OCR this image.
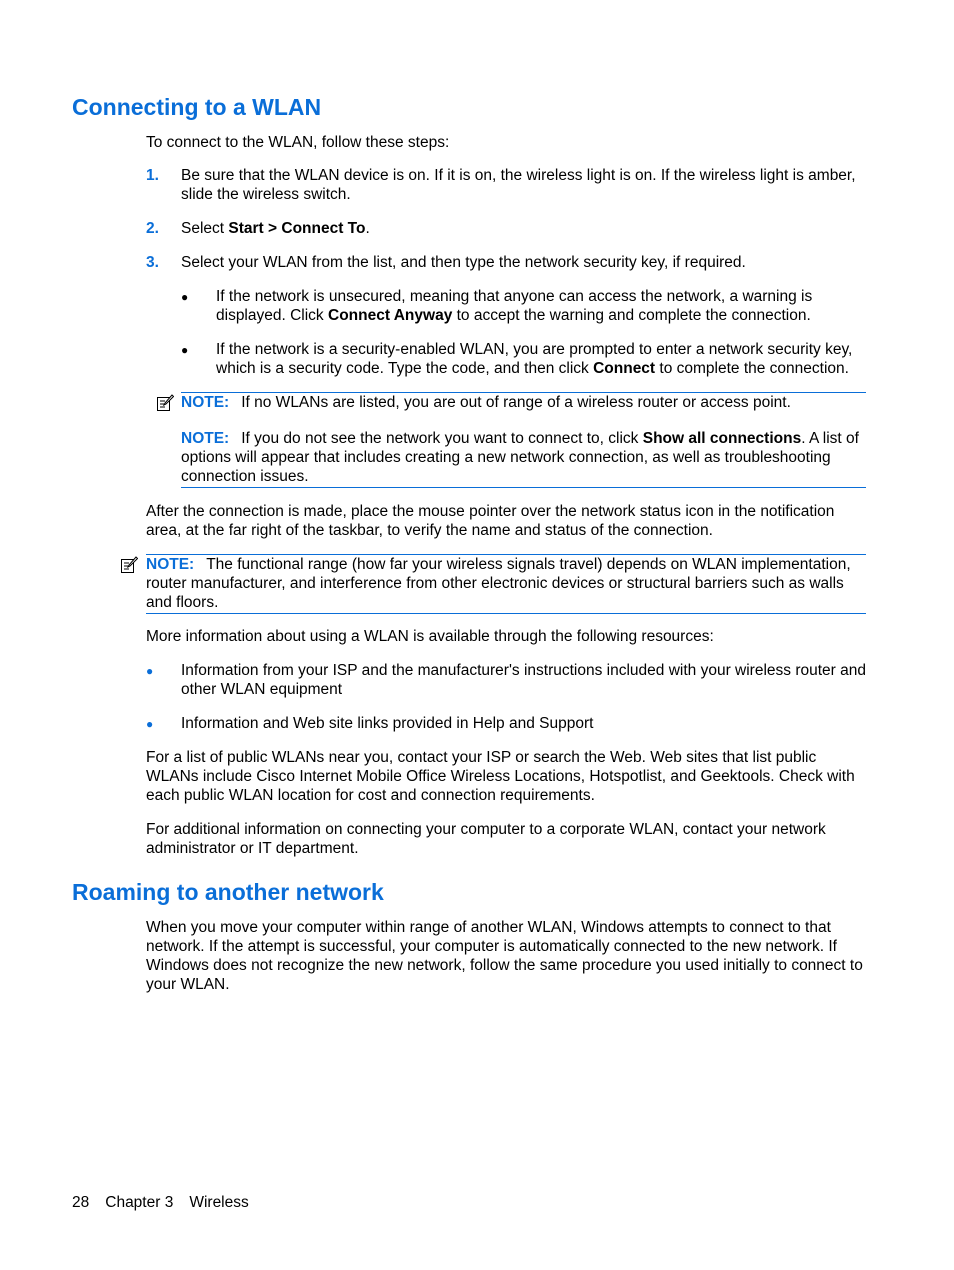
Connecting to a WLAN

To connect to the WLAN, follow these steps:

1. Be sure that the WLAN device is on. If it is on, the wireless light is on. If the wireless light is amber, slide the wireless switch.

2. Select Start > Connect To.

3. Select your WLAN from the list, and then type the network security key, if required.

● If the network is unsecured, meaning that anyone can access the network, a warning is displayed. Click Connect Anyway to accept the warning and complete the connection.

● If the network is a security-enabled WLAN, you are prompted to enter a network security key, which is a security code. Type the code, and then click Connect to complete the connection.

NOTE: If no WLANs are listed, you are out of range of a wireless router or access point.

NOTE: If you do not see the network you want to connect to, click Show all connections. A list of options will appear that includes creating a new network connection, as well as troubleshooting connection issues.

After the connection is made, place the mouse pointer over the network status icon in the notification area, at the far right of the taskbar, to verify the name and status of the connection.

NOTE: The functional range (how far your wireless signals travel) depends on WLAN implementation, router manufacturer, and interference from other electronic devices or structural barriers such as walls and floors.

More information about using a WLAN is available through the following resources:

● Information from your ISP and the manufacturer's instructions included with your wireless router and other WLAN equipment

● Information and Web site links provided in Help and Support

For a list of public WLANs near you, contact your ISP or search the Web. Web sites that list public WLANs include Cisco Internet Mobile Office Wireless Locations, Hotspotlist, and Geektools. Check with each public WLAN location for cost and connection requirements.

For additional information on connecting your computer to a corporate WLAN, contact your network administrator or IT department.

Roaming to another network

When you move your computer within range of another WLAN, Windows attempts to connect to that network. If the attempt is successful, your computer is automatically connected to the new network. If Windows does not recognize the new network, follow the same procedure you used initially to connect to your WLAN.

28 Chapter 3 Wireless
